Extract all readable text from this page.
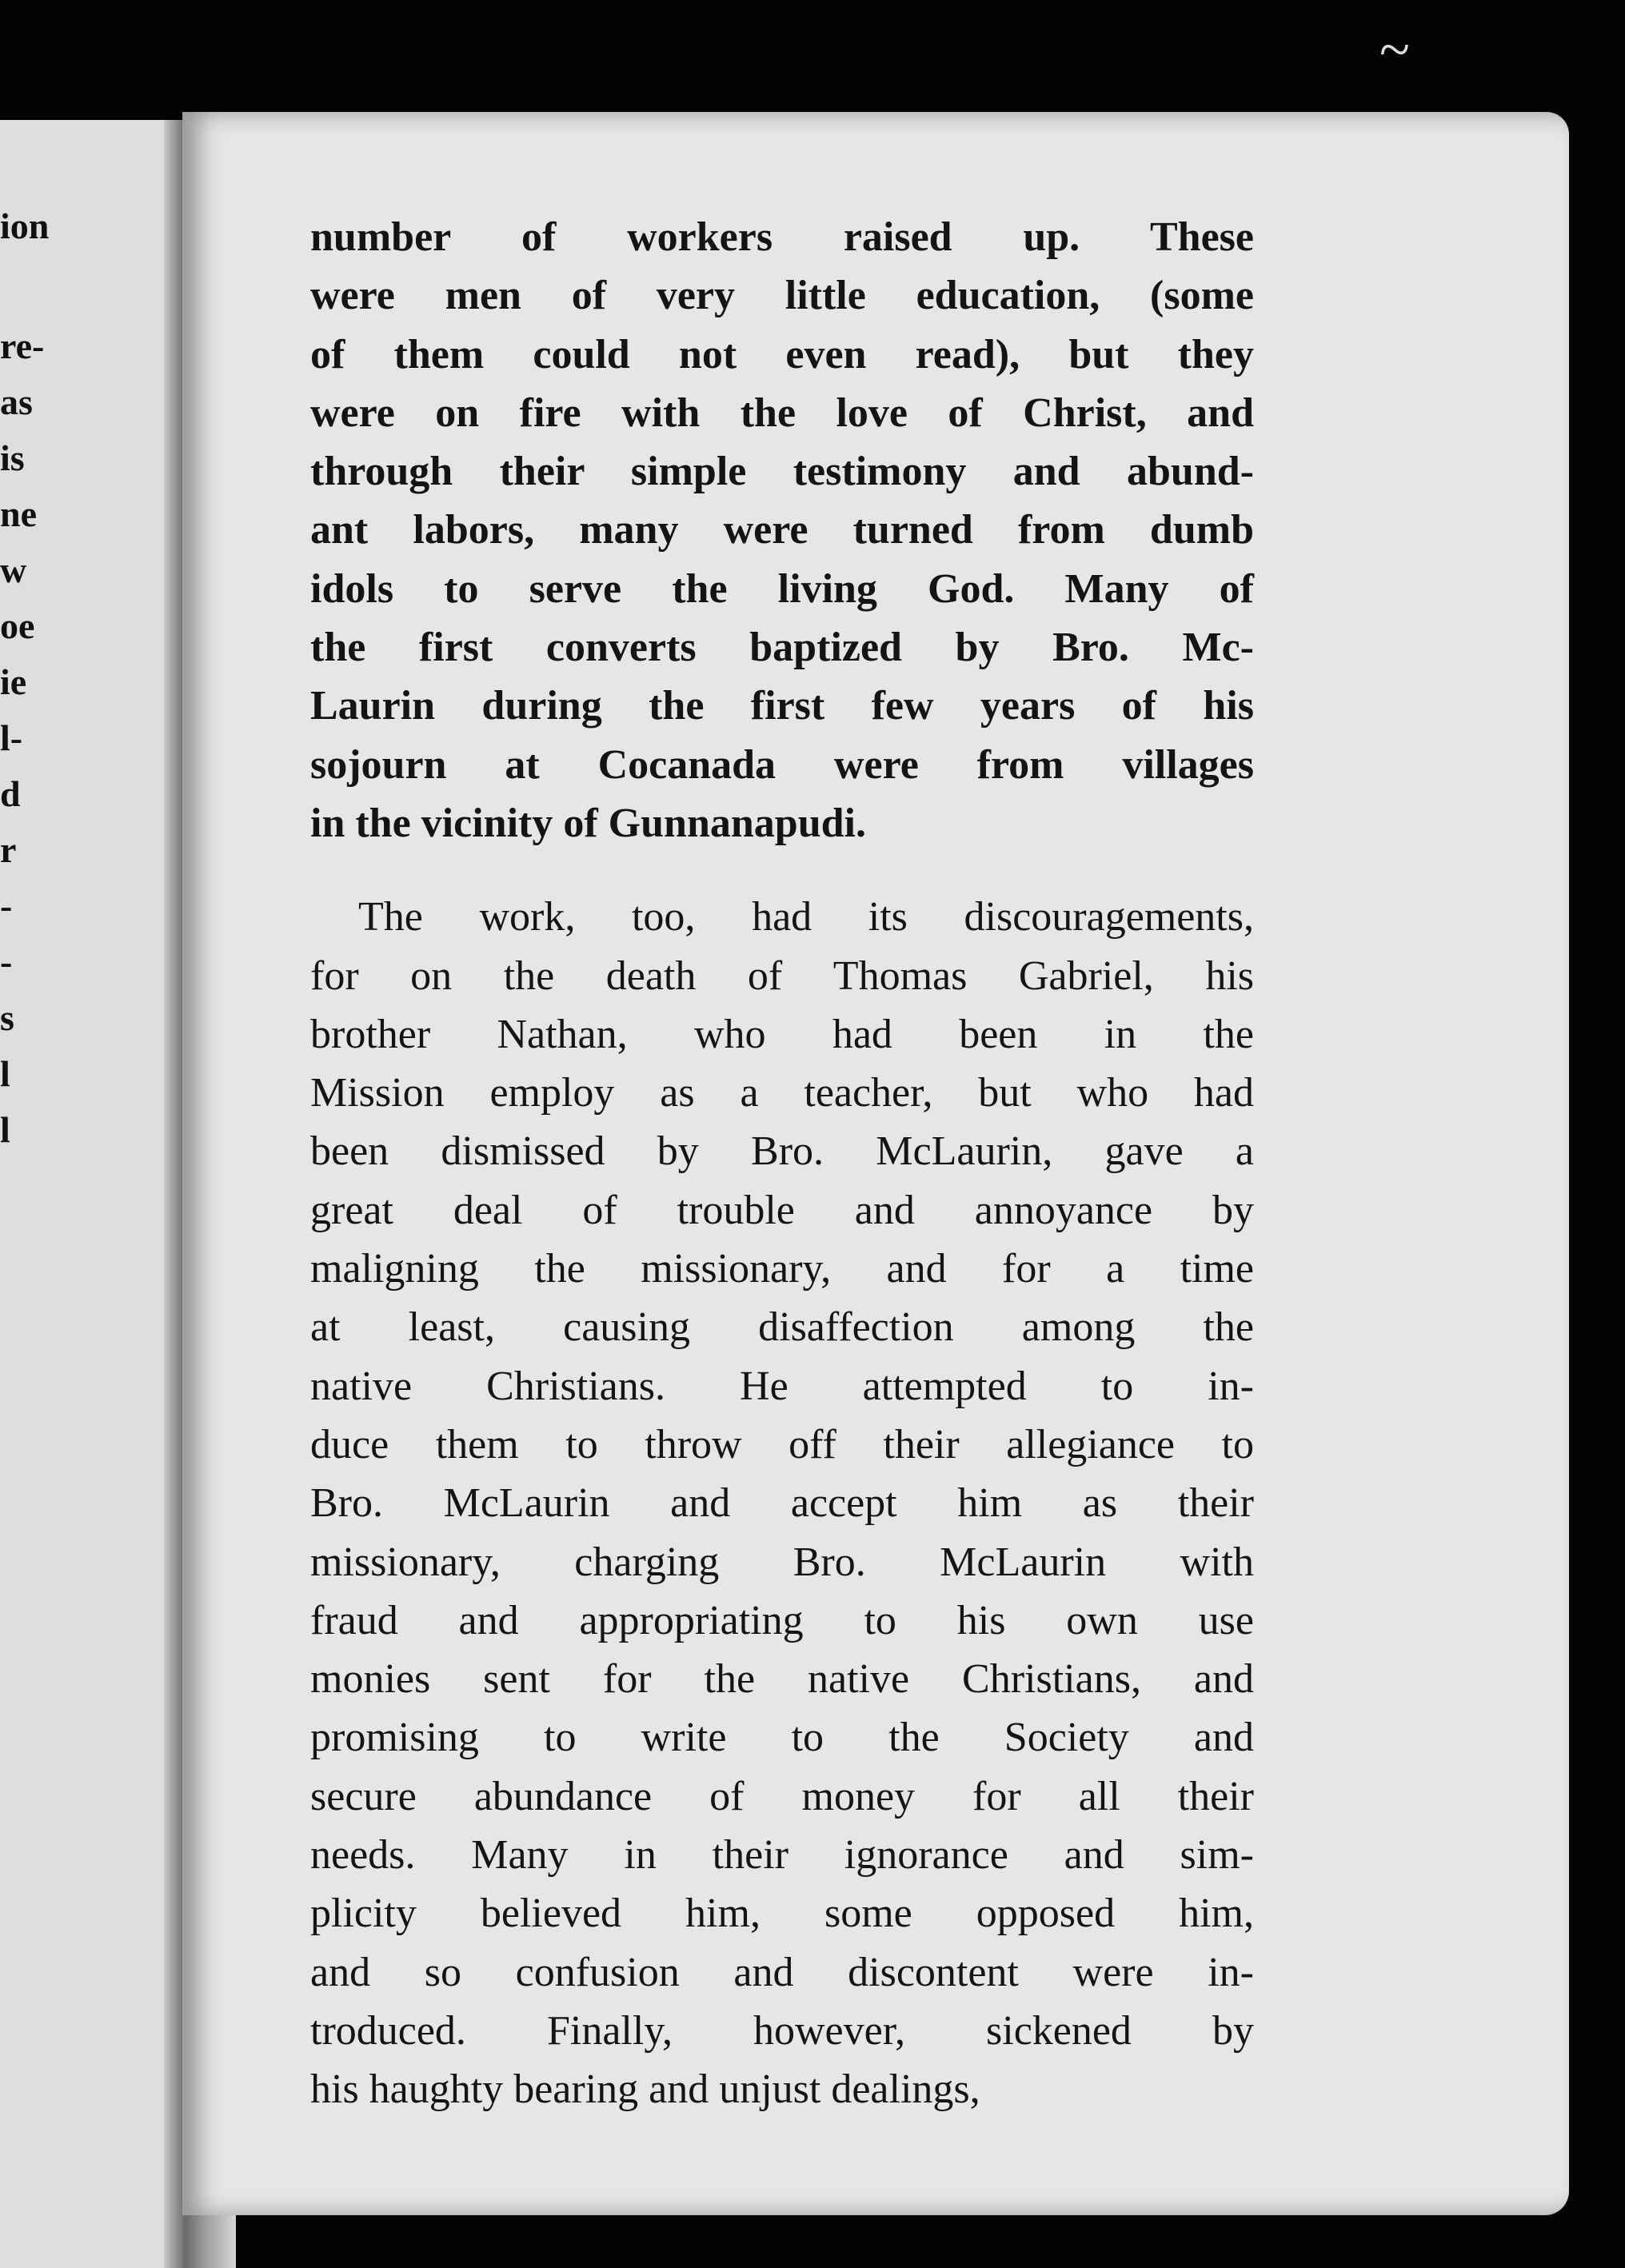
ion
re-
as
is
ne
w
oe
ie
l-
d
r
-
-
s
l
l
~

number of workers raised up. These
were men of very little education, (some
of them could not even read), but they
were on fire with the love of Christ, and
through their simple testimony and abund-
ant labors, many were turned from dumb
idols to serve the living God. Many of
the first converts baptized by Bro. Mc-
Laurin during the first few years of his
sojourn at Cocanada were from villages
in the vicinity of Gunnanapudi.

The work, too, had its discouragements,
for on the death of Thomas Gabriel, his
brother Nathan, who had been in the
Mission employ as a teacher, but who had
been dismissed by Bro. McLaurin, gave a
great deal of trouble and annoyance by
maligning the missionary, and for a time
at least, causing disaffection among the
native Christians. He attempted to in-
duce them to throw off their allegiance to
Bro. McLaurin and accept him as their
missionary, charging Bro. McLaurin with
fraud and appropriating to his own use
monies sent for the native Christians, and
promising to write to the Society and
secure abundance of money for all their
needs. Many in their ignorance and sim-
plicity believed him, some opposed him,
and so confusion and discontent were in-
troduced. Finally, however, sickened by
his haughty bearing and unjust dealings,
